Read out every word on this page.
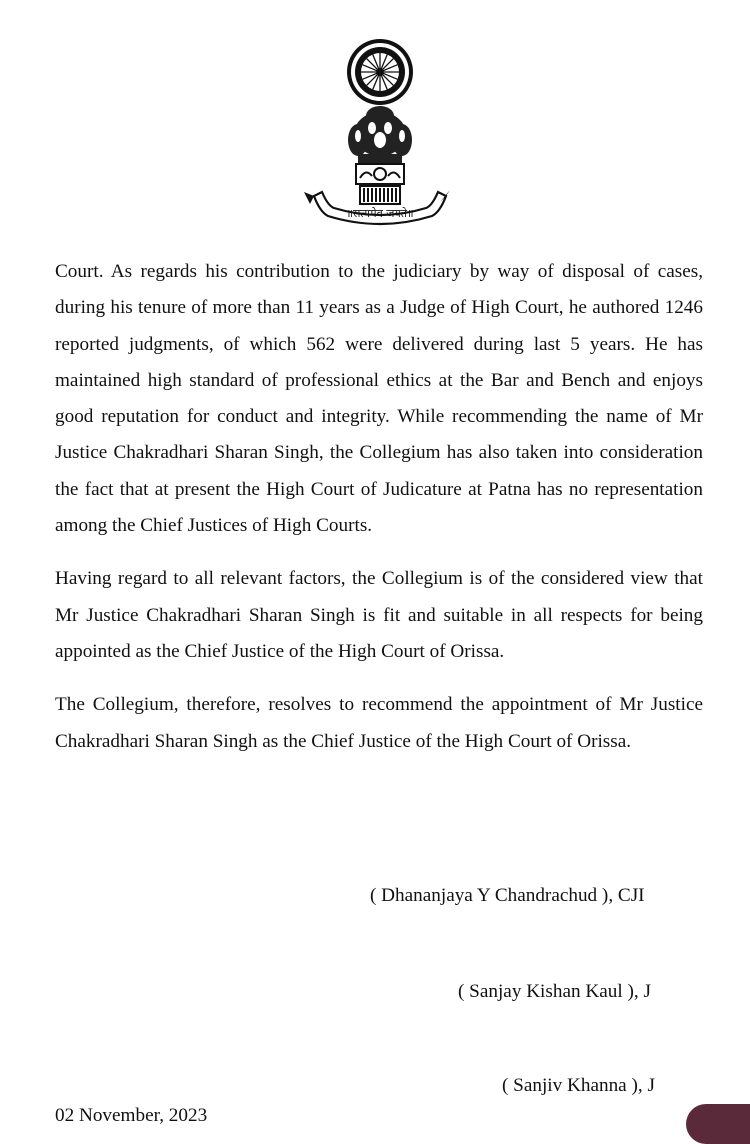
॥सत्यमेव जयते॥

Court. As regards his contribution to the judiciary by way of disposal of cases, during his tenure of more than 11 years as a Judge of High Court, he authored 1246 reported judgments, of which 562 were delivered during last 5 years. He has maintained high standard of professional ethics at the Bar and Bench and enjoys good reputation for conduct and integrity. While recommending the name of Mr Justice Chakradhari Sharan Singh, the Collegium has also taken into consideration the fact that at present the High Court of Judicature at Patna has no representation among the Chief Justices of High Courts.

Having regard to all relevant factors, the Collegium is of the considered view that Mr Justice Chakradhari Sharan Singh is fit and suitable in all respects for being appointed as the Chief Justice of the High Court of Orissa.

The Collegium, therefore, resolves to recommend the appointment of Mr Justice Chakradhari Sharan Singh as the Chief Justice of the High Court of Orissa.

( Dhananjaya Y Chandrachud ), CJI
( Sanjay Kishan Kaul ), J
( Sanjiv Khanna ), J
02 November, 2023
